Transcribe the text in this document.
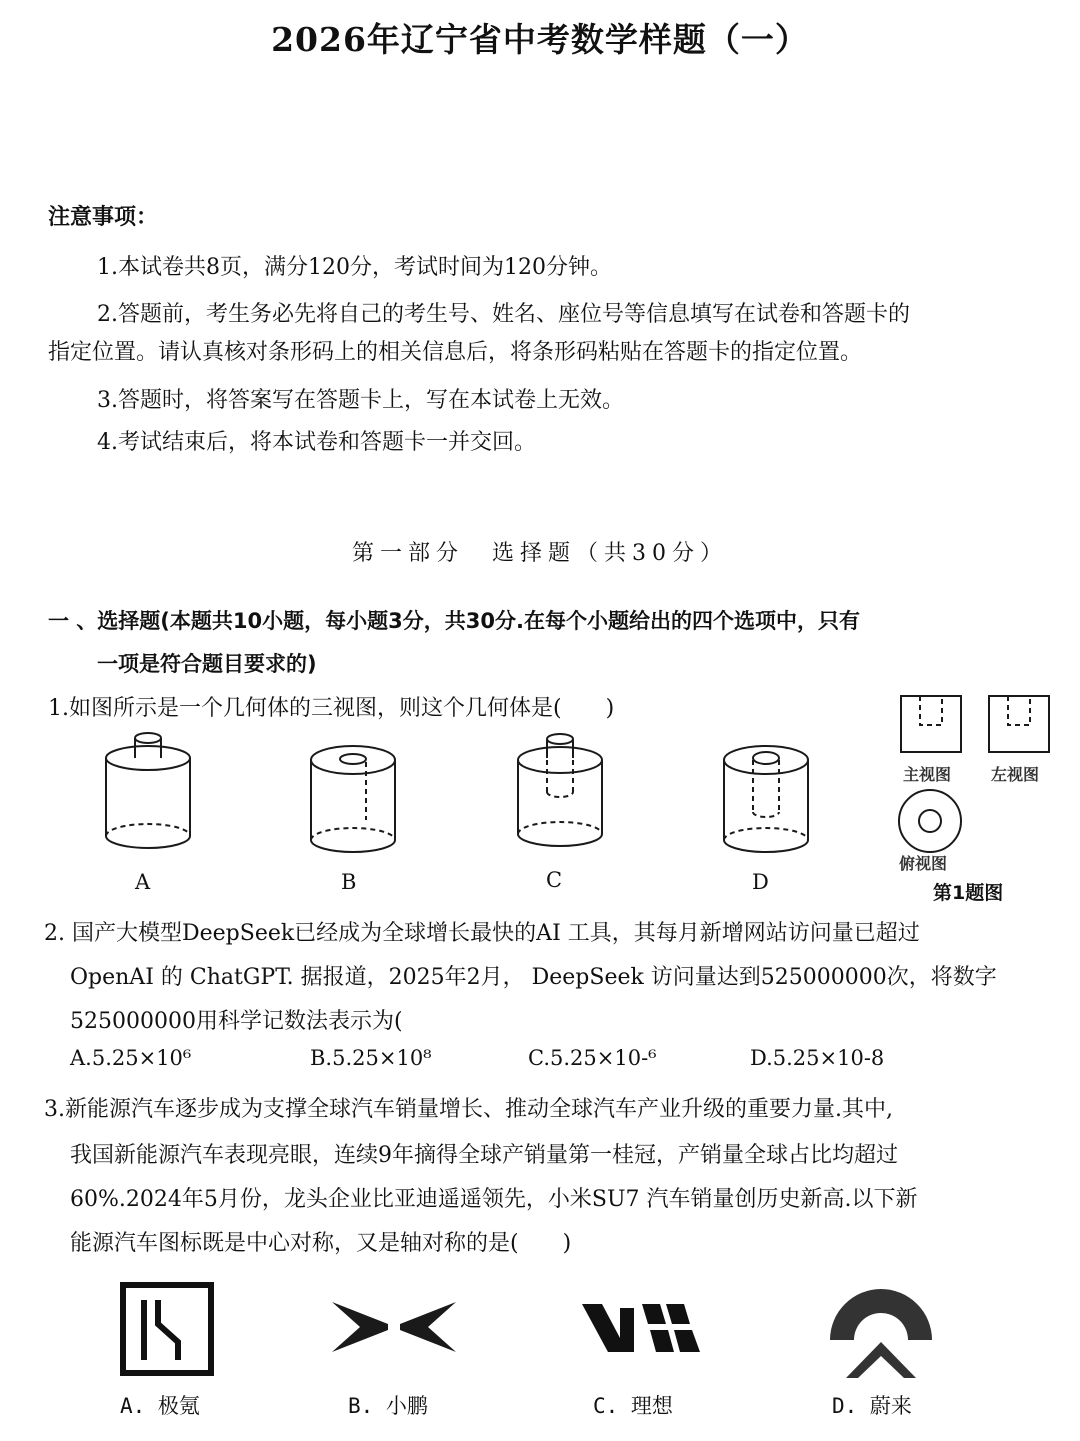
2026年辽宁省中考数学样题（一）
注意事项：
1.本试卷共8页，满分120分，考试时间为120分钟。
2.答题前，考生务必先将自己的考生号、姓名、座位号等信息填写在试卷和答题卡的
指定位置。请认真核对条形码上的相关信息后，将条形码粘贴在答题卡的指定位置。
3.答题时，将答案写在答题卡上，写在本试卷上无效。
4.考试结束后，将本试卷和答题卡一并交回。
第一部分　选择题（共30分）
一 、选择题(本题共10小题，每小题3分，共30分.在每个小题给出的四个选项中，只有
一项是符合题目要求的)
1.如图所示是一个几何体的三视图，则这个几何体是(　　)
A	B	C	D
主视图 左视图
俯视图
第1题图
2. 国产大模型DeepSeek已经成为全球增长最快的AI 工具，其每月新增网站访问量已超过
OpenAI 的 ChatGPT. 据报道，2025年2月， DeepSeek 访问量达到525000000次，将数字
525000000用科学记数法表示为(
A.5.25×10⁶	B.5.25×10⁸	C.5.25×10-⁶	D.5.25×10-8
3.新能源汽车逐步成为支撑全球汽车销量增长、推动全球汽车产业升级的重要力量.其中,
我国新能源汽车表现亮眼，连续9年摘得全球产销量第一桂冠，产销量全球占比均超过
60%.2024年5月份，龙头企业比亚迪遥遥领先，小米SU7 汽车销量创历史新高.以下新
能源汽车图标既是中心对称，又是轴对称的是(　　)
A. 极氪	B. 小鹏	C. 理想	D. 蔚来
